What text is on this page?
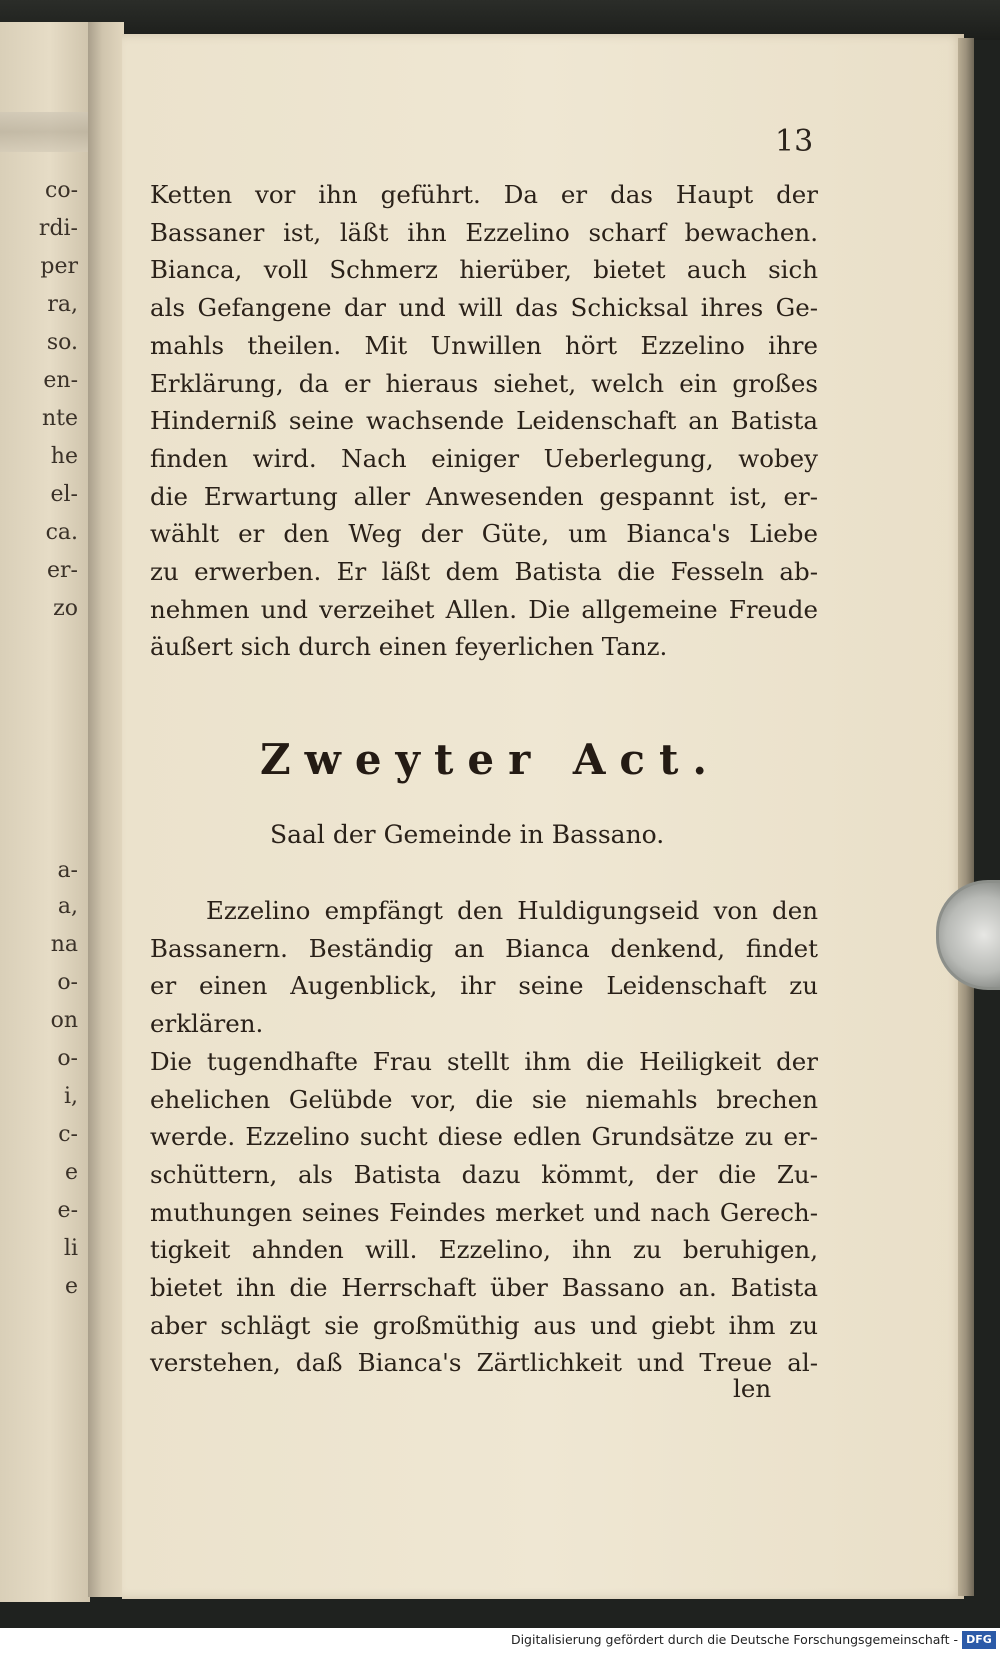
co-
rdi-
per
ra,
so.
en-
nte
he
el-
ca.
er-
zo
a-
a,
na
o-
on
o-
i,
c-
e
e-
li
e
13
Ketten vor ihn geführt. Da er das Haupt der
Bassaner ist, läßt ihn Ezzelino scharf bewachen.
Bianca, voll Schmerz hierüber, bietet auch sich
als Gefangene dar und will das Schicksal ihres Ge-
mahls theilen. Mit Unwillen hört Ezzelino ihre
Erklärung, da er hieraus siehet, welch ein großes
Hinderniß seine wachsende Leidenschaft an Batista
finden wird. Nach einiger Ueberlegung, wobey
die Erwartung aller Anwesenden gespannt ist, er-
wählt er den Weg der Güte, um Bianca's Liebe
zu erwerben. Er läßt dem Batista die Fesseln ab-
nehmen und verzeihet Allen. Die allgemeine Freude
äußert sich durch einen feyerlichen Tanz.
Zweyter Act.
Saal der Gemeinde in Bassano.
Ezzelino empfängt den Huldigungseid von den
Bassanern. Beständig an Bianca denkend, findet
er einen Augenblick, ihr seine Leidenschaft zu erklären.
Die tugendhafte Frau stellt ihm die Heiligkeit der
ehelichen Gelübde vor, die sie niemahls brechen
werde. Ezzelino sucht diese edlen Grundsätze zu er-
schüttern, als Batista dazu kömmt, der die Zu-
muthungen seines Feindes merket und nach Gerech-
tigkeit ahnden will. Ezzelino, ihn zu beruhigen,
bietet ihn die Herrschaft über Bassano an. Batista
aber schlägt sie großmüthig aus und giebt ihm zu
verstehen, daß Bianca's Zärtlichkeit und Treue al-
len
Digitalisierung gefördert durch die Deutsche Forschungsgemeinschaft - DFG
